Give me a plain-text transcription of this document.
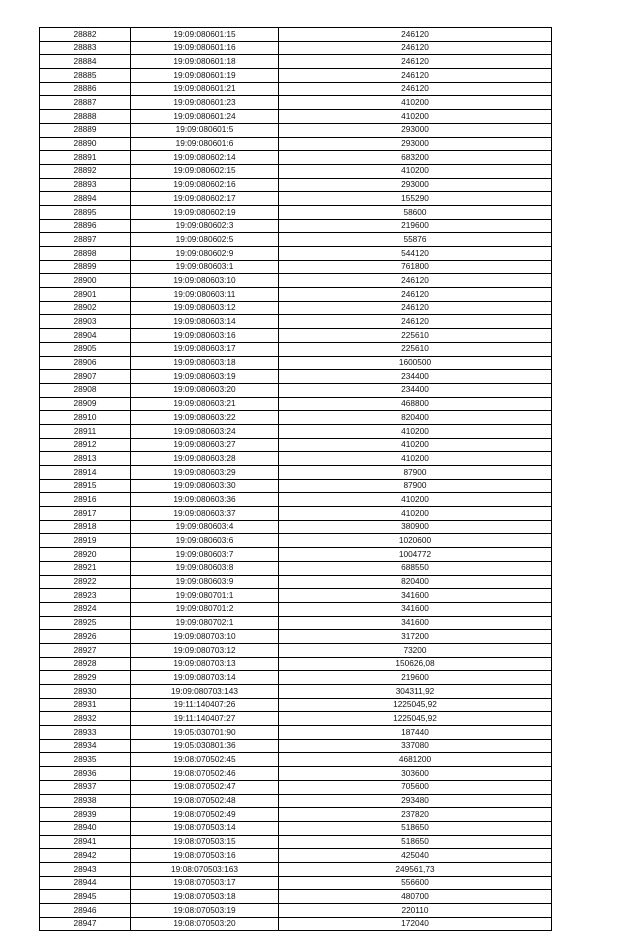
28882	19:09:080601:15	246120
28883	19:09:080601:16	246120
28884	19:09:080601:18	246120
28885	19:09:080601:19	246120
28886	19:09:080601:21	246120
28887	19:09:080601:23	410200
28888	19:09:080601:24	410200
28889	19:09:080601:5	293000
28890	19:09:080601:6	293000
28891	19:09:080602:14	683200
28892	19:09:080602:15	410200
28893	19:09:080602:16	293000
28894	19:09:080602:17	155290
28895	19:09:080602:19	58600
28896	19:09:080602:3	219600
28897	19:09:080602:5	55876
28898	19:09:080602:9	544120
28899	19:09:080603:1	761800
28900	19:09:080603:10	246120
28901	19:09:080603:11	246120
28902	19:09:080603:12	246120
28903	19:09:080603:14	246120
28904	19:09:080603:16	225610
28905	19:09:080603:17	225610
28906	19:09:080603:18	1600500
28907	19:09:080603:19	234400
28908	19:09:080603:20	234400
28909	19:09:080603:21	468800
28910	19:09:080603:22	820400
28911	19:09:080603:24	410200
28912	19:09:080603:27	410200
28913	19:09:080603:28	410200
28914	19:09:080603:29	87900
28915	19:09:080603:30	87900
28916	19:09:080603:36	410200
28917	19:09:080603:37	410200
28918	19:09:080603:4	380900
28919	19:09:080603:6	1020600
28920	19:09:080603:7	1004772
28921	19:09:080603:8	688550
28922	19:09:080603:9	820400
28923	19:09:080701:1	341600
28924	19:09:080701:2	341600
28925	19:09:080702:1	341600
28926	19:09:080703:10	317200
28927	19:09:080703:12	73200
28928	19:09:080703:13	150626,08
28929	19:09:080703:14	219600
28930	19:09:080703:143	304311,92
28931	19:11:140407:26	1225045,92
28932	19:11:140407:27	1225045,92
28933	19:05:030701:90	187440
28934	19:05:030801:36	337080
28935	19:08:070502:45	4681200
28936	19:08:070502:46	303600
28937	19:08:070502:47	705600
28938	19:08:070502:48	293480
28939	19:08:070502:49	237820
28940	19:08:070503:14	518650
28941	19:08:070503:15	518650
28942	19:08:070503:16	425040
28943	19:08:070503:163	249561,73
28944	19:08:070503:17	556600
28945	19:08:070503:18	480700
28946	19:08:070503:19	220110
28947	19:08:070503:20	172040
